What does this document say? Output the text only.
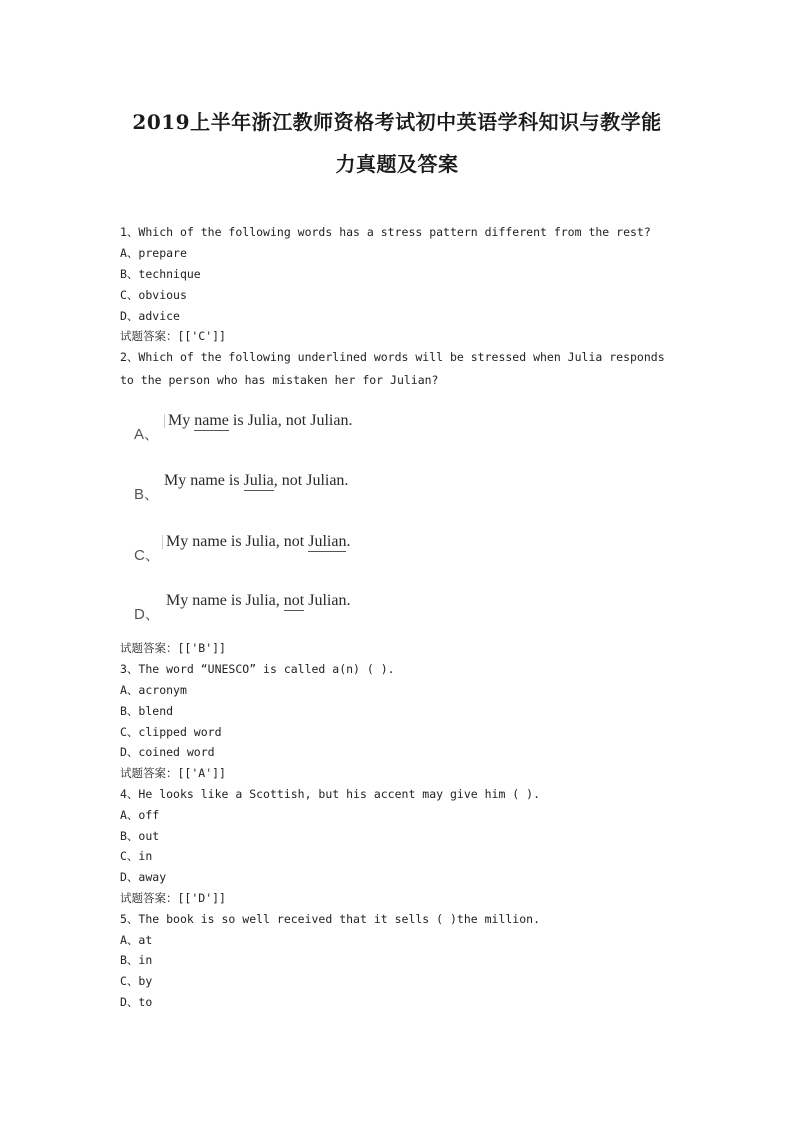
2019上半年浙江教师资格考试初中英语学科知识与教学能
力真题及答案
1、Which of the following words has a stress pattern different from the rest?
A、prepare
B、technique
C、obvious
D、advice
试题答案：[['C']]
2、Which of the following underlined words will be stressed when Julia responds
to the person who has mistaken her for Julian?
A、
My name is Julia, not Julian.
B、
My name is Julia, not Julian.
C、
My name is Julia, not Julian.
D、
My name is Julia, not Julian.
试题答案：[['B']]
3、The word “UNESCO” is called a(n) ( ).
A、acronym
B、blend
C、clipped word
D、coined word
试题答案：[['A']]
4、He looks like a Scottish, but his accent may give him ( ).
A、off
B、out
C、in
D、away
试题答案：[['D']]
5、The book is so well received that it sells ( )the million.
A、at
B、in
C、by
D、to
